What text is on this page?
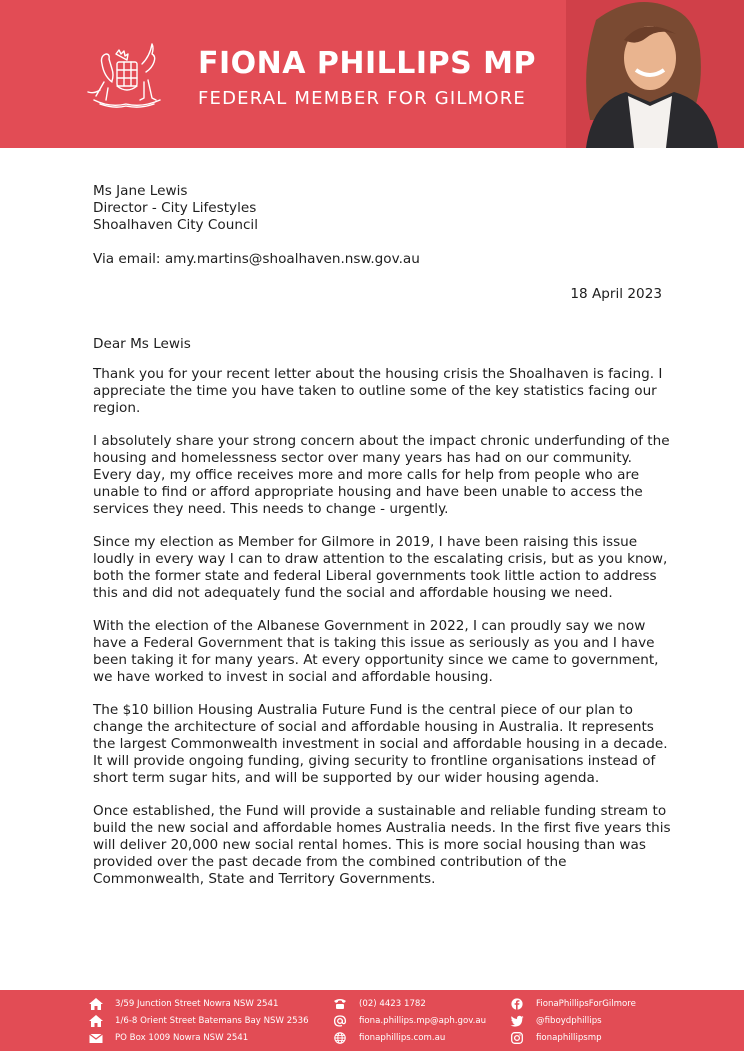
FIONA PHILLIPS MP
FEDERAL MEMBER FOR GILMORE
Ms Jane Lewis
Director - City Lifestyles
Shoalhaven City Council
Via email: amy.martins@shoalhaven.nsw.gov.au
18 April 2023
Dear Ms Lewis

Thank you for your recent letter about the housing crisis the Shoalhaven is facing. I appreciate the time you have taken to outline some of the key statistics facing our region.

I absolutely share your strong concern about the impact chronic underfunding of the housing and homelessness sector over many years has had on our community. Every day, my office receives more and more calls for help from people who are unable to find or afford appropriate housing and have been unable to access the services they need. This needs to change - urgently.

Since my election as Member for Gilmore in 2019, I have been raising this issue loudly in every way I can to draw attention to the escalating crisis, but as you know, both the former state and federal Liberal governments took little action to address this and did not adequately fund the social and affordable housing we need.

With the election of the Albanese Government in 2022, I can proudly say we now have a Federal Government that is taking this issue as seriously as you and I have been taking it for many years. At every opportunity since we came to government, we have worked to invest in social and affordable housing.

The $10 billion Housing Australia Future Fund is the central piece of our plan to change the architecture of social and affordable housing in Australia. It represents the largest Commonwealth investment in social and affordable housing in a decade. It will provide ongoing funding, giving security to frontline organisations instead of short term sugar hits, and will be supported by our wider housing agenda.

Once established, the Fund will provide a sustainable and reliable funding stream to build the new social and affordable homes Australia needs. In the first five years this will deliver 20,000 new social rental homes. This is more social housing than was provided over the past decade from the combined contribution of the Commonwealth, State and Territory Governments.

3/59 Junction Street Nowra NSW 2541
1/6-8 Orient Street Batemans Bay NSW 2536
PO Box 1009 Nowra NSW 2541
(02) 4423 1782
fiona.phillips.mp@aph.gov.au
fionaphillips.com.au
FionaPhillipsForGilmore
@fiboydphillips
fionaphillipsmp
